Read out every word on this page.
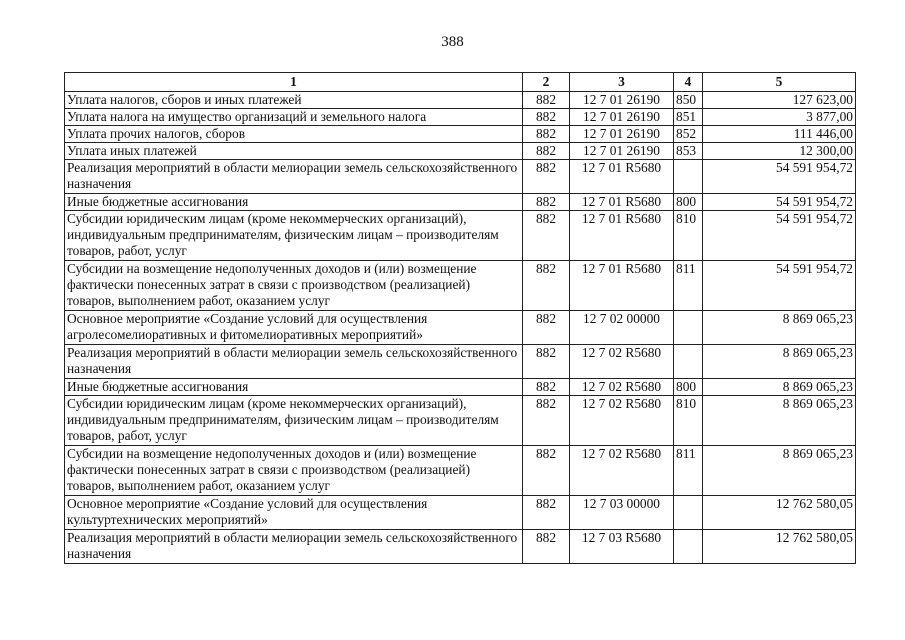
388
1	2	3	4	5
Уплата налогов, сборов и иных платежей	882	12 7 01 26190	850	127 623,00
Уплата налога на имущество организаций и земельного налога	882	12 7 01 26190	851	3 877,00
Уплата прочих налогов, сборов	882	12 7 01 26190	852	111 446,00
Уплата иных платежей	882	12 7 01 26190	853	12 300,00
Реализация мероприятий в области мелиорации земель сельскохозяйственного назначения	882	12 7 01 R5680		54 591 954,72
Иные бюджетные ассигнования	882	12 7 01 R5680	800	54 591 954,72
Субсидии юридическим лицам (кроме некоммерческих организаций), индивидуальным предпринимателям, физическим лицам – производителям товаров, работ, услуг	882	12 7 01 R5680	810	54 591 954,72
Субсидии на возмещение недополученных доходов и (или) возмещение фактически понесенных затрат в связи с производством (реализацией) товаров, выполнением работ, оказанием услуг	882	12 7 01 R5680	811	54 591 954,72
Основное мероприятие «Создание условий для осуществления агролесомелиоративных и фитомелиоративных мероприятий»	882	12 7 02 00000		8 869 065,23
Реализация мероприятий в области мелиорации земель сельскохозяйственного назначения	882	12 7 02 R5680		8 869 065,23
Иные бюджетные ассигнования	882	12 7 02 R5680	800	8 869 065,23
Субсидии юридическим лицам (кроме некоммерческих организаций), индивидуальным предпринимателям, физическим лицам – производителям товаров, работ, услуг	882	12 7 02 R5680	810	8 869 065,23
Субсидии на возмещение недополученных доходов и (или) возмещение фактически понесенных затрат в связи с производством (реализацией) товаров, выполнением работ, оказанием услуг	882	12 7 02 R5680	811	8 869 065,23
Основное мероприятие «Создание условий для осуществления культуртехнических мероприятий»	882	12 7 03 00000		12 762 580,05
Реализация мероприятий в области мелиорации земель сельскохозяйственного назначения	882	12 7 03 R5680		12 762 580,05
